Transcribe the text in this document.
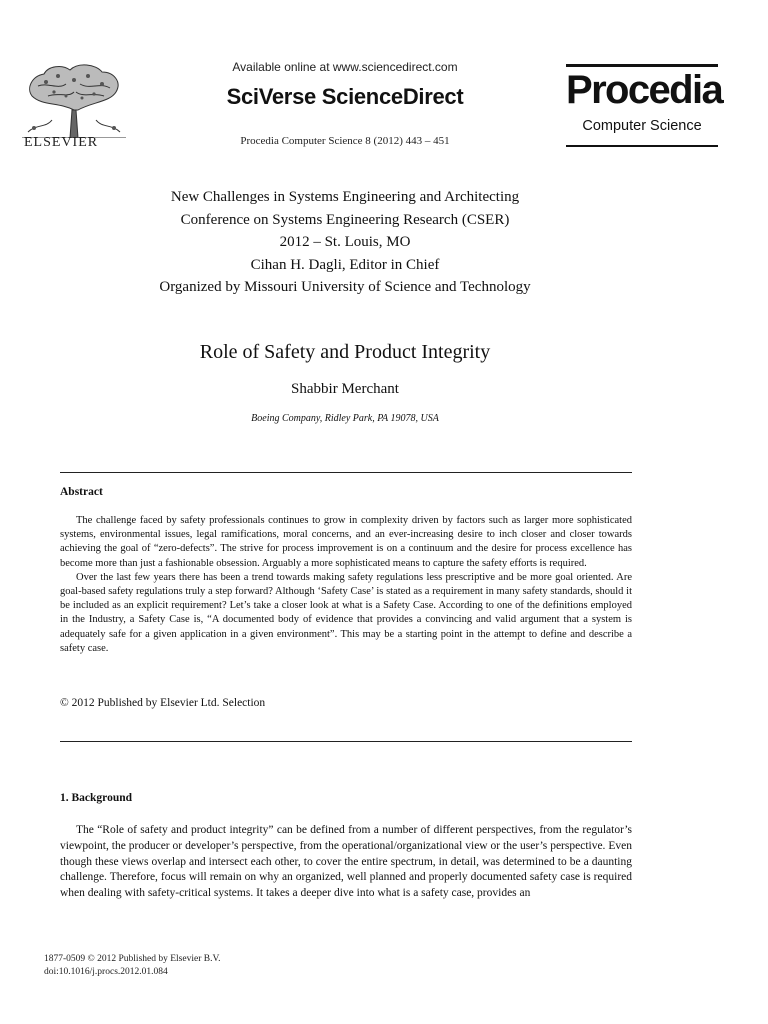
ELSEVIER
Available online at www.sciencedirect.com
SciVerse ScienceDirect
Procedia Computer Science 8 (2012) 443 – 451
Procedia
Computer Science
New Challenges in Systems Engineering and Architecting
Conference on Systems Engineering Research (CSER)
2012 – St. Louis, MO
Cihan H. Dagli, Editor in Chief
Organized by Missouri University of Science and Technology
Role of Safety and Product Integrity
Shabbir Merchant
Boeing Company, Ridley Park, PA 19078, USA
Abstract

The challenge faced by safety professionals continues to grow in complexity driven by factors such as larger more sophisticated systems, environmental issues, legal ramifications, moral concerns, and an ever-increasing desire to inch closer and closer towards achieving the goal of “zero-defects”. The strive for process improvement is on a continuum and the desire for process excellence has become more than just a fashionable obsession. Arguably a more sophisticated means to capture the safety efforts is required.

Over the last few years there has been a trend towards making safety regulations less prescriptive and be more goal oriented. Are goal-based safety regulations truly a step forward? Although ‘Safety Case’ is stated as a requirement in many safety standards, should it be included as an explicit requirement? Let’s take a closer look at what is a Safety Case. According to one of the definitions employed in the Industry, a Safety Case is, “A documented body of evidence that provides a convincing and valid argument that a system is adequately safe for a given application in a given environment”. This may be a starting point in the attempt to define and describe a safety case.

© 2012 Published by Elsevier Ltd. Selection
1. Background

The “Role of safety and product integrity” can be defined from a number of different perspectives, from the regulator’s viewpoint, the producer or developer’s perspective, from the operational/organizational view or the user’s perspective. Even though these views overlap and intersect each other, to cover the entire spectrum, in detail, was determined to be a daunting challenge. Therefore, focus will remain on why an organized, well planned and properly documented safety case is required when dealing with safety-critical systems. It takes a deeper dive into what is a safety case, provides an

1877-0509 © 2012 Published by Elsevier B.V.
doi:10.1016/j.procs.2012.01.084
